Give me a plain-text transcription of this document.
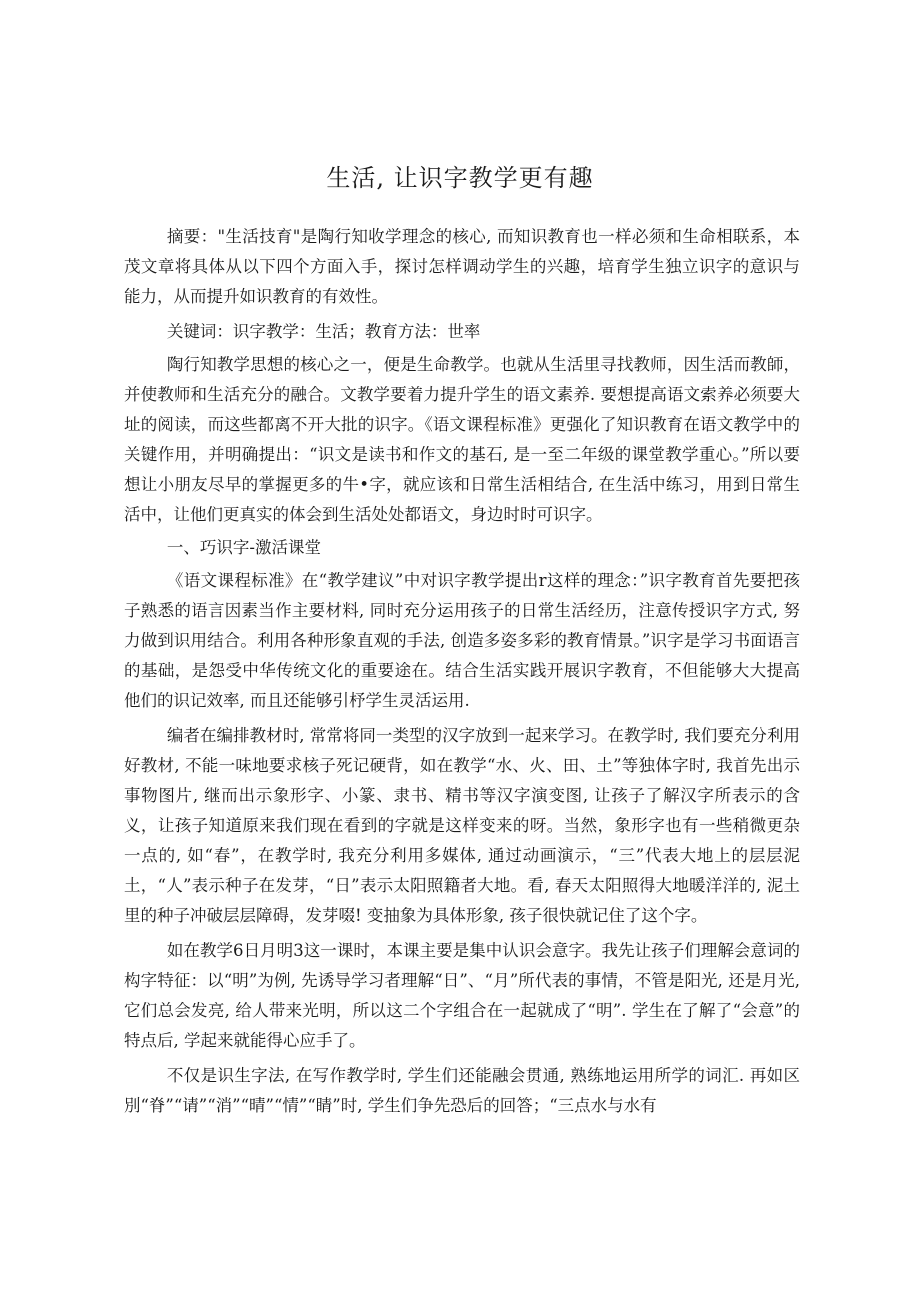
生活, 让识字教学更有趣

摘要："生活技育"是陶行知收学理念的核心, 而知识教育也一样必须和生命相联系，本茂文章将具体从以下四个方面入手，探讨怎样调动学生的兴趣，培育学生独立识字的意识与能力，从而提升如识教育的有效性。

关键词：识字教学：生活；教育方法：世率

陶行知教学思想的核心之一，便是生命教学。也就从生活里寻找教师，因生活而教師，并使教师和生活充分的融合。文教学要着力提升学生的语文素养. 要想提高语文索养必须要大址的阅读，而这些都离不开大批的识字。《语文课程标准》更强化了知识教育在语文教学中的关键作用，并明确提出：“识文是读书和作文的基石, 是一至二年级的课堂教学重心。”所以要想让小朋友尽早的掌握更多的牛•字，就应该和日常生活相结合, 在生活中练习，用到日常生活中，让他们更真实的体会到生活处处都语文，身边时时可识字。

一、巧识字-激活课堂

《语文课程标准》在“教学建议”中对识字教学提出r这样的理念：”识字教育首先要把孩子熟悉的语言因素当作主要材料, 同时充分运用孩子的日常生活经历，注意传授识字方式, 努力做到识用结合。利用各种形象直观的手法, 创造多姿多彩的教育情景。”识字是学习书面语言的基础，是怨受中华传统文化的重要途在。结合生活实践开展识字教育，不但能够大大提高他们的识记效率, 而且还能够引杼学生灵活运用.

编者在编排教材时, 常常将同一类型的汉字放到一起来学习。在教学时, 我们要充分利用好教材, 不能一味地要求核子死记硬背，如在教学“水、火、田、土”等独体字时, 我首先出示事物图片, 继而出示象形字、小篆、隶书、精书等汉字演变图, 让孩子了解汉字所表示的含义，让孩子知道原来我们现在看到的字就是这样变来的呀。当然，象形字也有一些稍微更杂一点的, 如“春”，在教学时, 我充分利用多媒体, 通过动画演示，“三”代表大地上的层层泥土，“人”表示种子在发芽，“日”表示太阳照籍者大地。看, 春天太阳照得大地暖洋洋的, 泥土里的种子冲破层层障碍，发芽啜! 变抽象为具体形象, 孩子很快就记住了这个字。

如在教学6日月明3这一课时，本课主要是集中认识会意字。我先让孩子们理解会意词的构字特征：以“明”为例, 先诱导学习者理解“日”、“月”所代表的事情，不管是阳光, 还是月光, 它们总会发亮, 给人带来光明，所以这二个字组合在一起就成了“明”. 学生在了解了“会意”的特点后, 学起来就能得心应手了。

不仅是识生字法, 在写作教学时, 学生们还能融会贯通, 熟练地运用所学的词汇. 再如区別“脊”“请”“消”“晴”“情”“睛”时, 学生们争先恐后的回答；“三点水与水有
